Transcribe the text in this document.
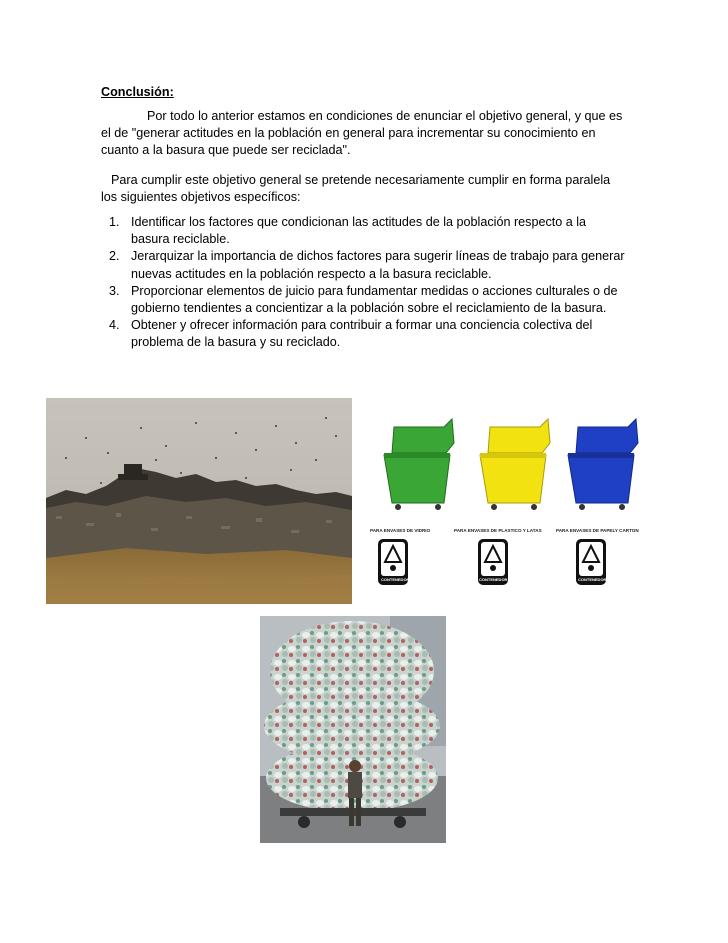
Conclusión:
Por todo lo anterior estamos en condiciones de enunciar el objetivo general, y que es el de "generar actitudes en la población en general para incrementar su conocimiento en cuanto a la basura que puede ser reciclada".
Para cumplir este objetivo general se pretende necesariamente cumplir en forma paralela los siguientes objetivos específicos:
1. Identificar los factores que condicionan las actitudes de la población respecto a la basura reciclable.
2. Jerarquizar la importancia de dichos factores para sugerir líneas de trabajo para generar nuevas actitudes en la población respecto a la basura reciclable.
3. Proporcionar elementos de juicio para fundamentar medidas o acciones culturales o de gobierno tendientes a concientizar a la población sobre el reciclamiento de la basura.
4. Obtener y ofrecer información para contribuir a formar una conciencia colectiva del problema de la basura y su reciclado.
PARA ENVASES DE VIDRIO	PARA ENVASES DE PLASTICO Y LATAS	PARA ENVASES DE PAPELY CARTON
CONTENEDOR VERDE	CONTENEDOR AMARILLO	CONTENEDOR AZUL
